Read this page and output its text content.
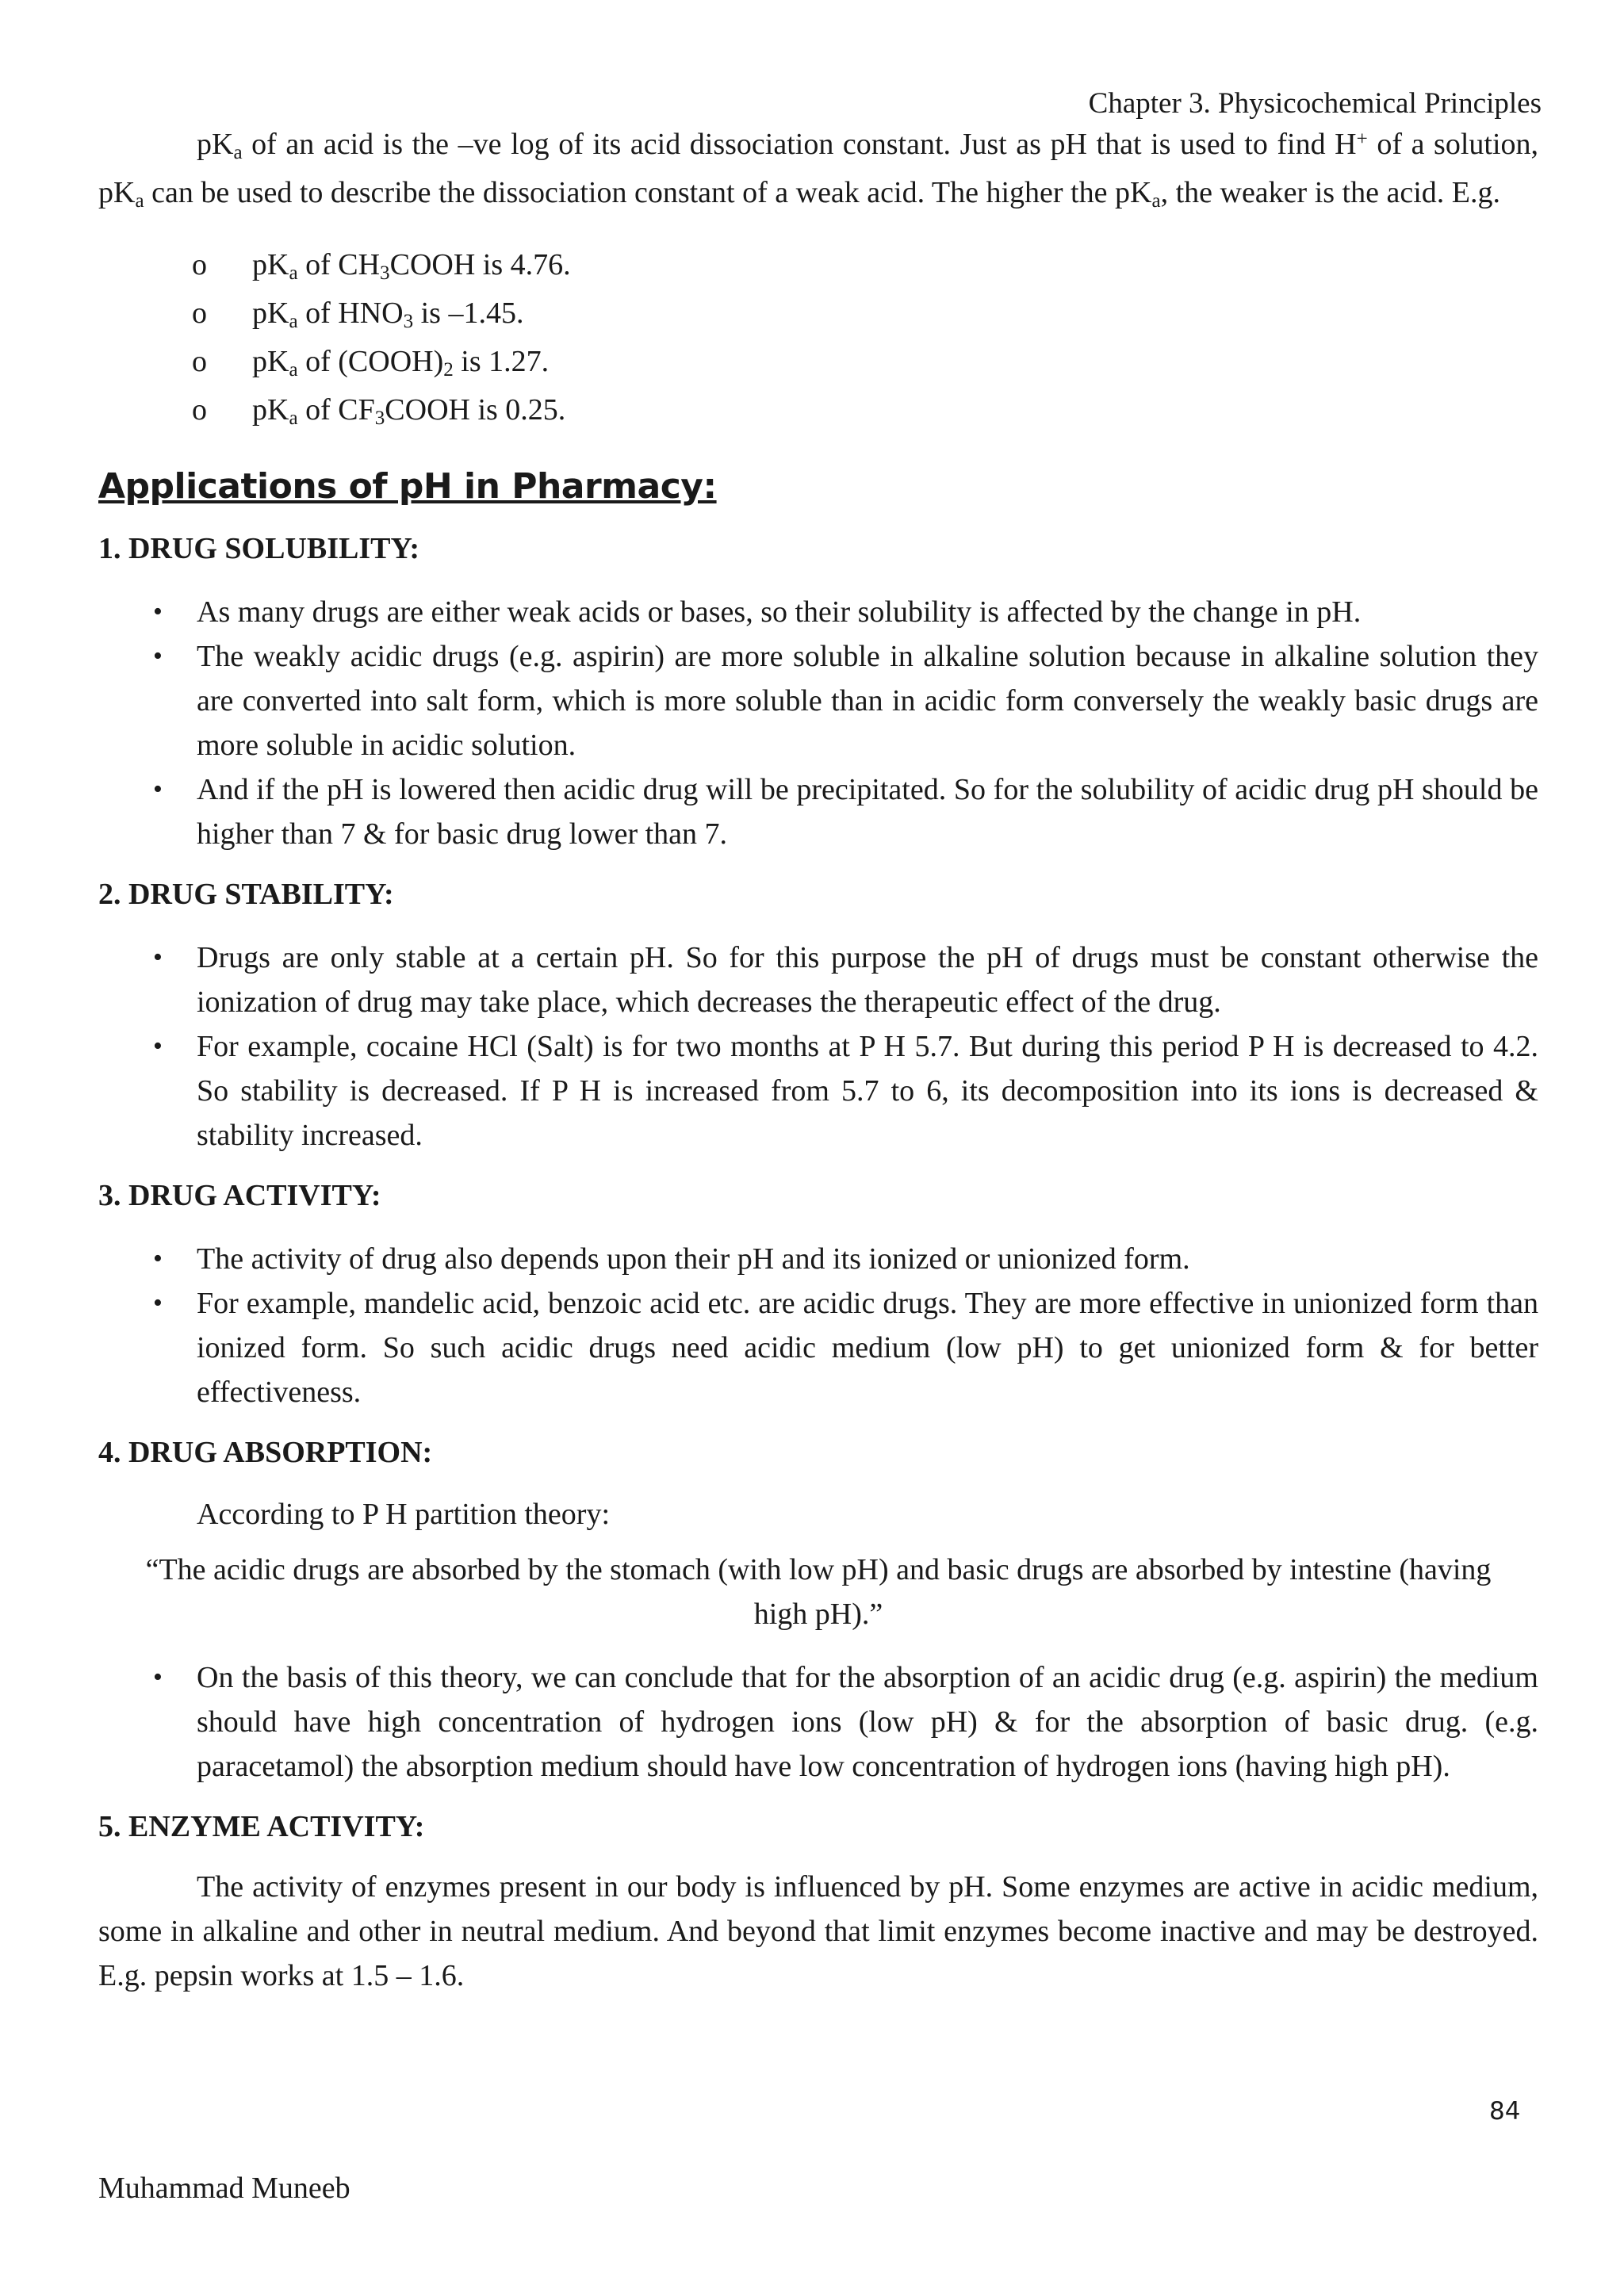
Chapter 3. Physicochemical Principles

$pK_a$ of an acid is the –ve log of its acid dissociation constant. Just as pH that is used to find H+ of a solution, $pK_a$ can be used to describe the dissociation constant of a weak acid. The higher the $pK_a$, the weaker is the acid. E.g.

o $pK_a$ of $CH_3COOH$ is 4.76.
o $pK_a$ of $HNO_3$ is –1.45.
o $pK_a$ of $(COOH)_2$ is 1.27.
o $pK_a$ of $CF_3COOH$ is 0.25.
Applications of pH in Pharmacy:
1. DRUG SOLUBILITY:
• As many drugs are either weak acids or bases, so their solubility is affected by the change in pH.
• The weakly acidic drugs (e.g. aspirin) are more soluble in alkaline solution because in alkaline solution they are converted into salt form, which is more soluble than in acidic form conversely the weakly basic drugs are more soluble in acidic solution.
• And if the pH is lowered then acidic drug will be precipitated. So for the solubility of acidic drug pH should be higher than 7 & for basic drug lower than 7.
2. DRUG STABILITY:
• Drugs are only stable at a certain pH. So for this purpose the pH of drugs must be constant otherwise the ionization of drug may take place, which decreases the therapeutic effect of the drug.
• For example, cocaine HCl (Salt) is for two months at P H 5.7. But during this period P H is decreased to 4.2. So stability is decreased. If P H is increased from 5.7 to 6, its decomposition into its ions is decreased & stability increased.
3. DRUG ACTIVITY:
• The activity of drug also depends upon their pH and its ionized or unionized form.
• For example, mandelic acid, benzoic acid etc. are acidic drugs. They are more effective in unionized form than ionized form. So such acidic drugs need acidic medium (low pH) to get unionized form & for better effectiveness.
4. DRUG ABSORPTION:

According to P H partition theory:

“The acidic drugs are absorbed by the stomach (with low pH) and basic drugs are absorbed by intestine (having high pH).”

• On the basis of this theory, we can conclude that for the absorption of an acidic drug (e.g. aspirin) the medium should have high concentration of hydrogen ions (low pH) & for the absorption of basic drug. (e.g. paracetamol) the absorption medium should have low concentration of hydrogen ions (having high pH).
5. ENZYME ACTIVITY:

The activity of enzymes present in our body is influenced by pH. Some enzymes are active in acidic medium, some in alkaline and other in neutral medium. And beyond that limit enzymes become inactive and may be destroyed. E.g. pepsin works at 1.5 – 1.6.

84
Muhammad Muneeb
